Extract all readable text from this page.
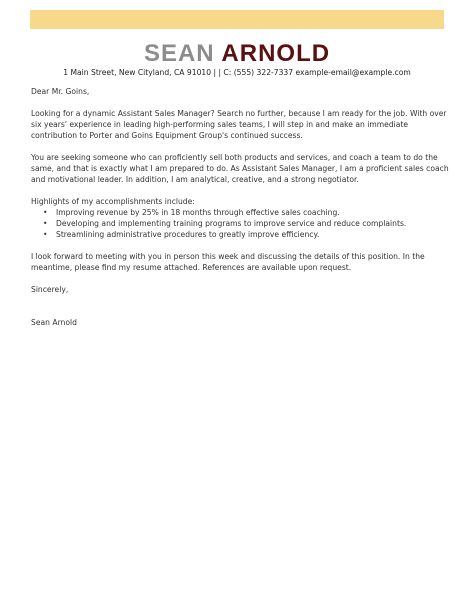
SEAN ARNOLD
1 Main Street, New Cityland, CA 91010 | | C: (555) 322-7337 example-email@example.com

Dear Mr. Goins,

Looking for a dynamic Assistant Sales Manager? Search no further, because I am ready for the job. With over six years' experience in leading high-performing sales teams, I will step in and make an immediate contribution to Porter and Goins Equipment Group's continued success.

You are seeking someone who can proficiently sell both products and services, and coach a team to do the same, and that is exactly what I am prepared to do. As Assistant Sales Manager, I am a proficient sales coach and motivational leader. In addition, I am analytical, creative, and a strong negotiator.

Highlights of my accomplishments include:

• Improving revenue by 25% in 18 months through effective sales coaching.
• Developing and implementing training programs to improve service and reduce complaints.
• Streamlining administrative procedures to greatly improve efficiency.

I look forward to meeting with you in person this week and discussing the details of this position. In the meantime, please find my resume attached. References are available upon request.

Sincerely,

Sean Arnold
